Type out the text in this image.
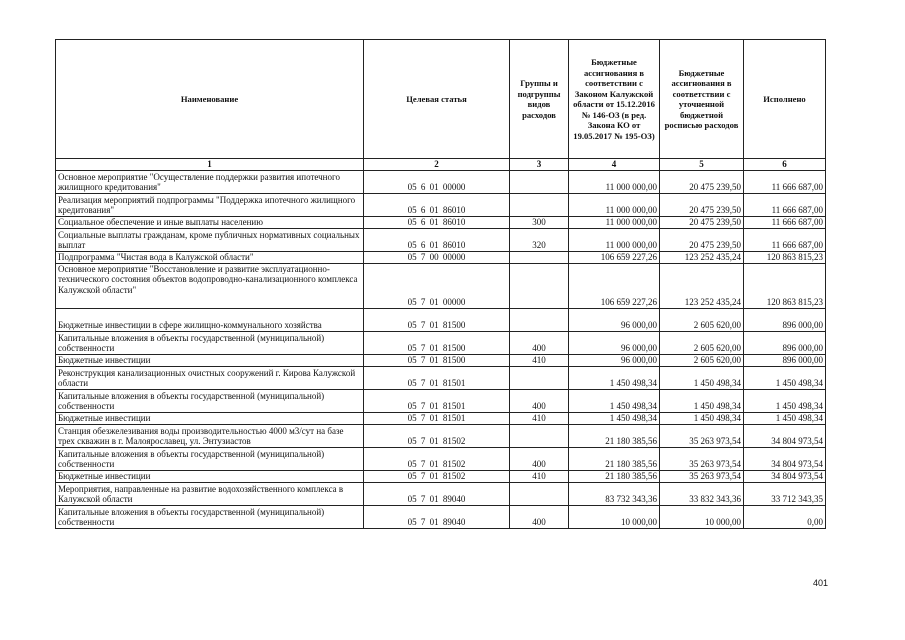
Наименование	Целевая статья	Группы и подгруппы видов расходов	Бюджетные ассигнования в соответствии с Законом Калужской области от 15.12.2016 № 146-ОЗ (в ред. Закона КО от 19.05.2017 № 195-ОЗ)	Бюджетные ассигнования в соответствии с уточненной бюджетной росписью расходов	Исполнено
1	2	3	4	5	6
Основное мероприятие "Осуществление поддержки развития ипотечного жилищного кредитования"	05 6 01 00000		11 000 000,00	20 475 239,50	11 666 687,00
Реализация мероприятий подпрограммы "Поддержка ипотечного жилищного кредитования"	05 6 01 86010		11 000 000,00	20 475 239,50	11 666 687,00
Социальное обеспечение и иные выплаты населению	05 6 01 86010	300	11 000 000,00	20 475 239,50	11 666 687,00
Социальные выплаты гражданам, кроме публичных нормативных социальных выплат	05 6 01 86010	320	11 000 000,00	20 475 239,50	11 666 687,00
Подпрограмма "Чистая вода в Калужской области"	05 7 00 00000		106 659 227,26	123 252 435,24	120 863 815,23
Основное мероприятие "Восстановление и развитие эксплуатационно-технического состояния объектов водопроводно-канализационного комплекса Калужской области"	05 7 01 00000		106 659 227,26	123 252 435,24	120 863 815,23
Бюджетные инвестиции в сфере жилищно-коммунального хозяйства	05 7 01 81500		96 000,00	2 605 620,00	896 000,00
Капитальные вложения в объекты государственной (муниципальной) собственности	05 7 01 81500	400	96 000,00	2 605 620,00	896 000,00
Бюджетные инвестиции	05 7 01 81500	410	96 000,00	2 605 620,00	896 000,00
Реконструкция канализационных очистных сооружений г. Кирова Калужской области	05 7 01 81501		1 450 498,34	1 450 498,34	1 450 498,34
Капитальные вложения в объекты государственной (муниципальной) собственности	05 7 01 81501	400	1 450 498,34	1 450 498,34	1 450 498,34
Бюджетные инвестиции	05 7 01 81501	410	1 450 498,34	1 450 498,34	1 450 498,34
Станция обезжелезивания воды производительностью 4000 м3/сут на базе трех скважин в г. Малоярославец, ул. Энтузиастов	05 7 01 81502		21 180 385,56	35 263 973,54	34 804 973,54
Капитальные вложения в объекты государственной (муниципальной) собственности	05 7 01 81502	400	21 180 385,56	35 263 973,54	34 804 973,54
Бюджетные инвестиции	05 7 01 81502	410	21 180 385,56	35 263 973,54	34 804 973,54
Мероприятия, направленные на развитие водохозяйственного комплекса в Калужской области	05 7 01 89040		83 732 343,36	33 832 343,36	33 712 343,35
Капитальные вложения в объекты государственной (муниципальной) собственности	05 7 01 89040	400	10 000,00	10 000,00	0,00
401
